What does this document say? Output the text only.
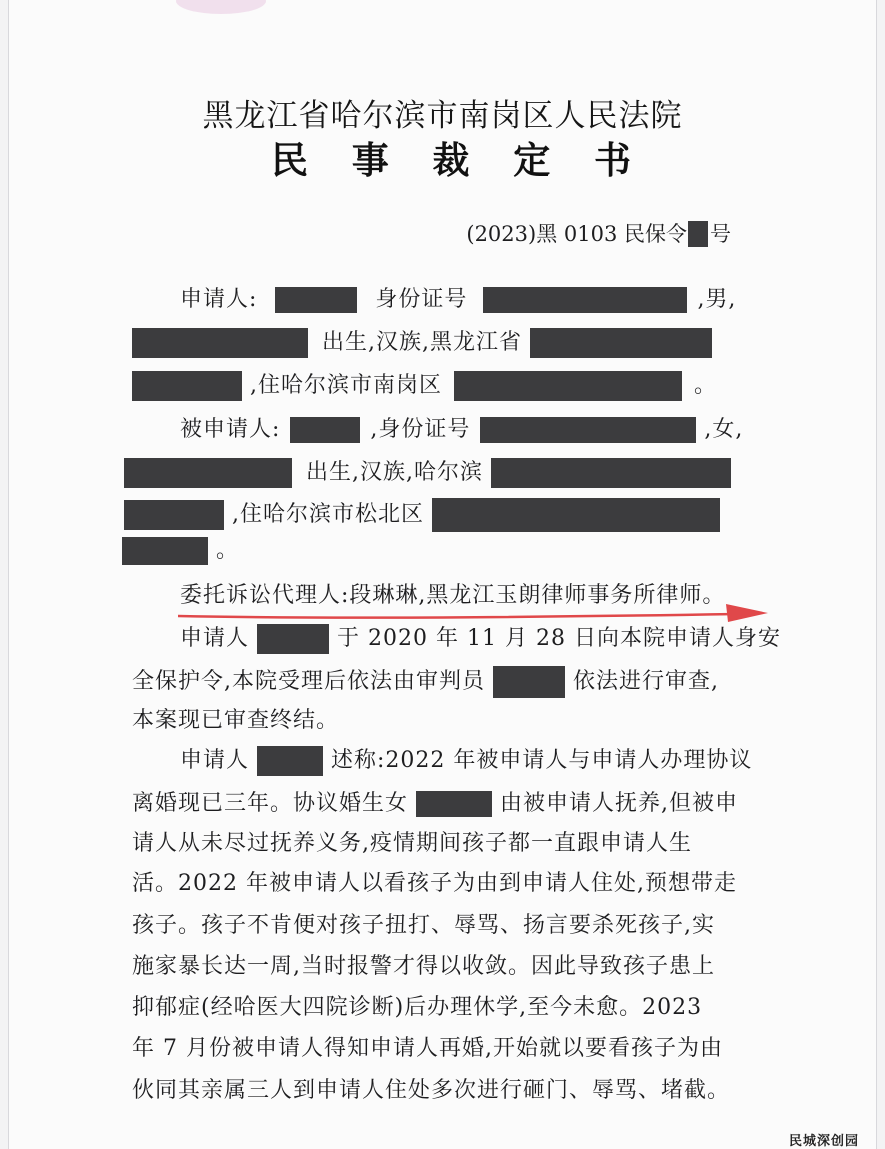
黑龙江省哈尔滨市南岗区人民法院
民 事 裁 定 书
(2023)黑 0103 民保令 号
申请人:	身份证号	,男,
出生,汉族,黑龙江省
,住哈尔滨市南岗区	。
被申请人:	,身份证号	,女,
出生,汉族,哈尔滨
,住哈尔滨市松北区
。
委托诉讼代理人:段琳琳,黑龙江玉朗律师事务所律师。
申请人	于 2020 年 11 月 28 日向本院申请人身安
全保护令,本院受理后依法由审判员	依法进行审查,
本案现已审查终结。
申请人	述称:2022 年被申请人与申请人办理协议
离婚现已三年。协议婚生女	由被申请人抚养,但被申
请人从未尽过抚养义务,疫情期间孩子都一直跟申请人生
活。2022 年被申请人以看孩子为由到申请人住处,预想带走
孩子。孩子不肯便对孩子扭打、辱骂、扬言要杀死孩子,实
施家暴长达一周,当时报警才得以收敛。因此导致孩子患上
抑郁症(经哈医大四院诊断)后办理休学,至今未愈。2023
年 7 月份被申请人得知申请人再婚,开始就以要看孩子为由
伙同其亲属三人到申请人住处多次进行砸门、辱骂、堵截。
民城深创园
